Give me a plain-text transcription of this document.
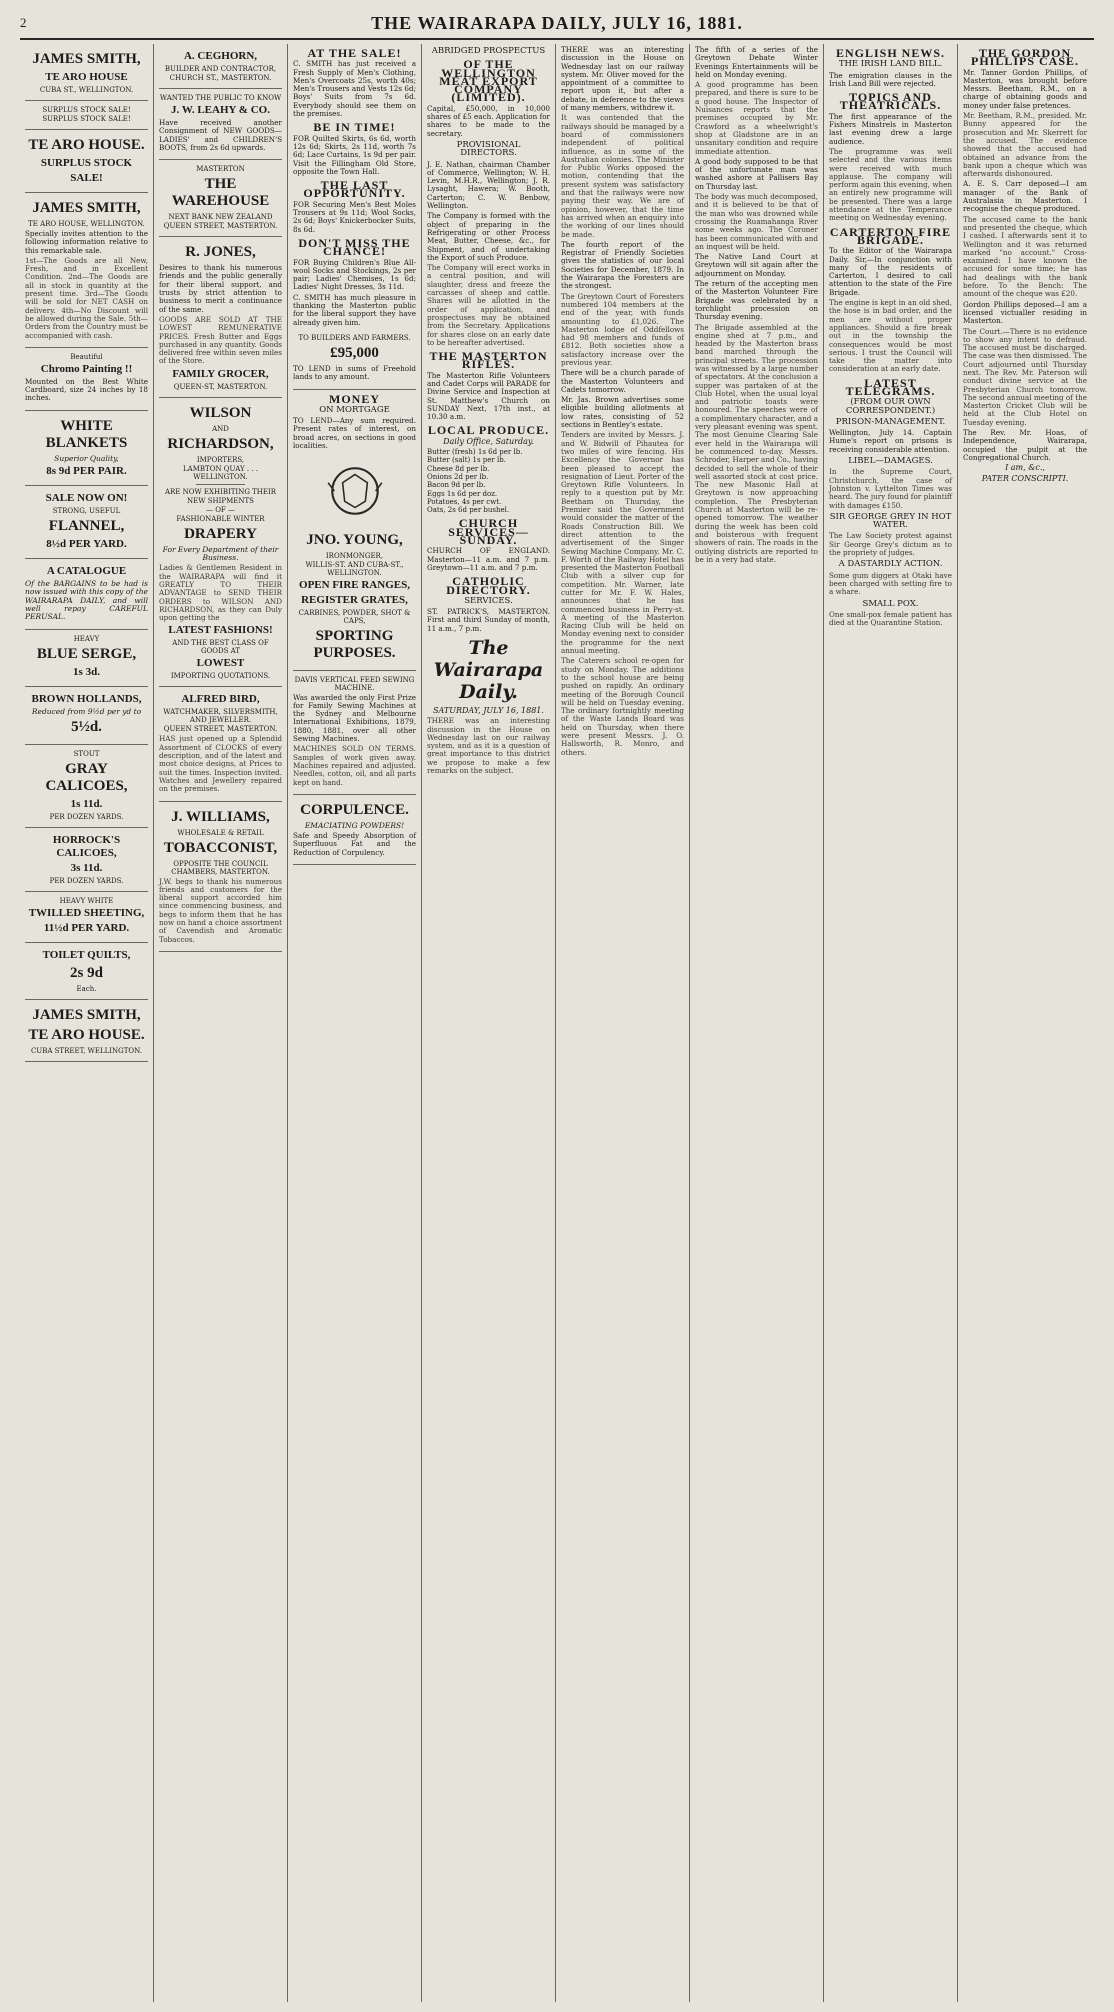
2	THE WAIRARAPA DAILY, JULY 16, 1881.
JAMES SMITH,
TE ARO HOUSE
CUBA ST., WELLINGTON.
SURPLUS STOCK SALE!
SURPLUS STOCK SALE!
TE ARO HOUSE.
SURPLUS STOCK
SALE!
JAMES SMITH,
TE ARO HOUSE, WELLINGTON.
Specially invites attention to the following information relative to this remarkable sale.
1st—The Goods are all New, Fresh, and in Excellent Condition. 2nd—The Goods are all in stock in quantity at the present time. 3rd—The Goods will be sold for NET CASH on delivery. 4th—No Discount will be allowed during the Sale. 5th—Orders from the Country must be accompanied with cash.
Beautiful
Chromo Painting !!
Mounted on the Best White Cardboard, size 24 inches by 18 inches.
WHITE BLANKETS
Superior Quality,
8s 9d PER PAIR.
SALE NOW ON!
STRONG, USEFUL
FLANNEL,
8½d PER YARD.
A CATALOGUE
Of the BARGAINS to be had is now issued with this copy of the WAIRARAPA DAILY, and will well repay CAREFUL PERUSAL.
HEAVY
BLUE SERGE,
1s 3d.
BROWN HOLLANDS,
Reduced from 9½d per yd to
5½d.
STOUT
GRAY CALICOES,
1s 11d.
PER DOZEN YARDS.
HORROCK'S CALICOES,
3s 11d.
PER DOZEN YARDS.
HEAVY WHITE
TWILLED SHEETING,
11½d PER YARD.
TOILET QUILTS,
2s 9d
Each.
JAMES SMITH,
TE ARO HOUSE.
CUBA STREET, WELLINGTON.
A. CEGHORN,
BUILDER AND CONTRACTOR,
CHURCH ST., MASTERTON.
WANTED THE PUBLIC TO KNOW
J. W. LEAHY & CO.
Have received another Consignment of NEW GOODS—LADIES' and CHILDREN'S BOOTS, from 2s 6d upwards.
MASTERTON
THE WAREHOUSE
NEXT BANK NEW ZEALAND
QUEEN STREET, MASTERTON.
R. JONES,
Desires to thank his numerous friends and the public generally for their liberal support, and trusts by strict attention to business to merit a continuance of the same.
GOODS ARE SOLD AT THE LOWEST REMUNERATIVE PRICES. Fresh Butter and Eggs purchased in any quantity. Goods delivered free within seven miles of the Store.
FAMILY GROCER,
QUEEN-ST, MASTERTON.
WILSON
AND
RICHARDSON,
IMPORTERS,
LAMBTON QUAY . . . WELLINGTON.
ARE NOW EXHIBITING THEIR
NEW SHIPMENTS
— OF —
FASHIONABLE WINTER
DRAPERY
For Every Department of their Business.
Ladies & Gentlemen Resident in the WAIRARAPA will find it GREATLY TO THEIR ADVANTAGE to SEND THEIR ORDERS to WILSON AND RICHARDSON, as they can Duly upon getting the
LATEST FASHIONS!
AND THE BEST CLASS OF GOODS AT
LOWEST
IMPORTING QUOTATIONS.
ALFRED BIRD,
WATCHMAKER, SILVERSMITH, AND JEWELLER.
QUEEN STREET, MASTERTON.
HAS just opened up a Splendid Assortment of CLOCKS of every description, and of the latest and most choice designs, at Prices to suit the times. Inspection invited. Watches and Jewellery repaired on the premises.
J. WILLIAMS,
WHOLESALE & RETAIL
TOBACCONIST,
OPPOSITE THE COUNCIL CHAMBERS, MASTERTON.
J.W. begs to thank his numerous friends and customers for the liberal support accorded him since commencing business, and begs to inform them that he has now on hand a choice assortment of Cavendish and Aromatic Tobaccos.
AT THE SALE!
C. SMITH has just received a Fresh Supply of Men's Clothing, Men's Overcoats 25s, worth 40s; Men's Trousers and Vests 12s 6d; Boys' Suits from 7s 6d. Everybody should see them on the premises.
BE IN TIME!
FOR Quilted Skirts, 6s 6d, worth 12s 6d; Skirts, 2s 11d, worth 7s 6d; Lace Curtains, 1s 9d per pair. Visit the Fillingham Old Store, opposite the Town Hall.
THE LAST OPPORTUNITY.
FOR Securing Men's Best Moles Trousers at 9s 11d; Wool Socks, 2s 6d; Boys' Knickerbocker Suits, 8s 6d.
DON'T MISS THE CHANCE!
FOR Buying Children's Blue All-wool Socks and Stockings, 2s per pair; Ladies' Chemises, 1s 6d; Ladies' Night Dresses, 3s 11d.
C. SMITH has much pleasure in thanking the Masterton public for the liberal support they have already given him.
TO BUILDERS AND FARMERS.
£95,000
TO LEND in sums of Freehold lands to any amount.
MONEY
ON MORTGAGE
TO LEND—Any sum required. Present rates of interest, on broad acres, on sections in good localities.
JNO. YOUNG,
IRONMONGER,
WILLIS-ST. AND CUBA-ST., WELLINGTON.
OPEN FIRE RANGES,
REGISTER GRATES,
CARBINES, POWDER, SHOT & CAPS,
SPORTING PURPOSES.
DAVIS VERTICAL FEED SEWING MACHINE.
Was awarded the only First Prize for Family Sewing Machines at the Sydney and Melbourne International Exhibitions, 1879, 1880, 1881, over all other Sewing Machines.
MACHINES SOLD ON TERMS. Samples of work given away. Machines repaired and adjusted. Needles, cotton, oil, and all parts kept on hand.
CORPULENCE.
EMACIATING POWDERS!
Safe and Speedy Absorption of Superfluous Fat and the Reduction of Corpulency.
ABRIDGED PROSPECTUS
OF THE WELLINGTON MEAT EXPORT COMPANY (LIMITED).
Capital, £50,000, in 10,000 shares of £5 each. Application for shares to be made to the secretary.
PROVISIONAL DIRECTORS.
J. E. Nathan, chairman Chamber of Commerce, Wellington; W. H. Levin, M.H.R., Wellington; J. R. Lysaght, Hawera; W. Booth, Carterton; C. W. Benbow, Wellington.
The Company is formed with the object of preparing in the Refrigerating or other Process Meat, Butter, Cheese, &c., for Shipment, and of undertaking the Export of such Produce.
The Company will erect works in a central position, and will slaughter, dress and freeze the carcasses of sheep and cattle. Shares will be allotted in the order of application, and prospectuses may be obtained from the Secretary. Applications for shares close on an early date to be hereafter advertised.
THE MASTERTON RIFLES.
The Masterton Rifle Volunteers and Cadet Corps will PARADE for Divine Service and Inspection at St. Matthew's Church on SUNDAY Next, 17th inst., at 10.30 a.m.
LOCAL PRODUCE.
Daily Office, Saturday.
Butter (fresh) 1s 6d per lb.
Butter (salt) 1s per lb.
Cheese 8d per lb.
Onions 2d per lb.
Bacon 9d per lb.
Eggs 1s 6d per doz.
Potatoes, 4s per cwt.
Oats, 2s 6d per bushel.
CHURCH SERVICES—SUNDAY.
CHURCH OF ENGLAND. Masterton—11 a.m. and 7 p.m. Greytown—11 a.m. and 7 p.m.
CATHOLIC DIRECTORY.
SERVICES.
ST. PATRICK'S, MASTERTON. First and third Sunday of month, 11 a.m., 7 p.m.
The Wairarapa Daily.
SATURDAY, JULY 16, 1881.
THERE was an interesting discussion in the House on Wednesday last on our railway system, and as it is a question of great importance to this district we propose to make a few remarks on the subject.
THERE was an interesting discussion in the House on Wednesday last on our railway system. Mr. Oliver moved for the appointment of a committee to report upon it, but after a debate, in deference to the views of many members, withdrew it.
It was contended that the railways should be managed by a board of commissioners independent of political influence, as in some of the Australian colonies. The Minister for Public Works opposed the motion, contending that the present system was satisfactory and that the railways were now paying their way. We are of opinion, however, that the time has arrived when an enquiry into the working of our lines should be made.
The fourth report of the Registrar of Friendly Societies gives the statistics of our local Societies for December, 1879. In the Wairarapa the Foresters are the strongest.
The Greytown Court of Foresters numbered 104 members at the end of the year, with funds amounting to £1,026. The Masterton lodge of Oddfellows had 98 members and funds of £812. Both societies show a satisfactory increase over the previous year.
There will be a church parade of the Masterton Volunteers and Cadets tomorrow.
Mr. Jas. Brown advertises some eligible building allotments at low rates, consisting of 52 sections in Bentley's estate.
Tenders are invited by Messrs. J. and W. Bidwill of Pihautea for two miles of wire fencing. His Excellency the Governor has been pleased to accept the resignation of Lieut. Porter of the Greytown Rifle Volunteers. In reply to a question put by Mr. Beetham on Thursday, the Premier said the Government would consider the matter of the Roads Construction Bill. We direct attention to the advertisement of the Singer Sewing Machine Company. Mr. C. F. Worth of the Railway Hotel has presented the Masterton Football Club with a silver cup for competition. Mr. Warner, late cutter for Mr. F. W. Hales, announces that he has commenced business in Perry-st. A meeting of the Masterton Racing Club will be held on Monday evening next to consider the programme for the next annual meeting.
The Caterers school re-open for study on Monday. The additions to the school house are being pushed on rapidly. An ordinary meeting of the Borough Council will be held on Tuesday evening. The ordinary fortnightly meeting of the Waste Lands Board was held on Thursday, when there were present Messrs. J. O. Hallsworth, R. Monro, and others.
The fifth of a series of the Greytown Debate Winter Evenings Entertainments will be held on Monday evening.
A good programme has been prepared, and there is sure to be a good house. The Inspector of Nuisances reports that the premises occupied by Mr. Crawford as a wheelwright's shop at Gladstone are in an unsanitary condition and require immediate attention.
A good body supposed to be that of the unfortunate man was washed ashore at Pallisers Bay on Thursday last.
The body was much decomposed, and it is believed to be that of the man who was drowned while crossing the Ruamahanga River some weeks ago. The Coroner has been communicated with and an inquest will be held.
The Native Land Court at Greytown will sit again after the adjournment on Monday.
The return of the accepting men of the Masterton Volunteer Fire Brigade was celebrated by a torchlight procession on Thursday evening.
The Brigade assembled at the engine shed at 7 p.m., and headed by the Masterton brass band marched through the principal streets. The procession was witnessed by a large number of spectators. At the conclusion a supper was partaken of at the Club Hotel, when the usual loyal and patriotic toasts were honoured. The speeches were of a complimentary character, and a very pleasant evening was spent. The most Genuine Clearing Sale ever held in the Wairarapa will be commenced to-day. Messrs. Schroder, Harper and Co., having decided to sell the whole of their well assorted stock at cost price. The new Masonic Hall at Greytown is now approaching completion. The Presbyterian Church at Masterton will be re-opened tomorrow. The weather during the week has been cold and boisterous with frequent showers of rain. The roads in the outlying districts are reported to be in a very bad state.
ENGLISH NEWS.
THE IRISH LAND BILL.
The emigration clauses in the Irish Land Bill were rejected.
TOPICS AND THEATRICALS.
The first appearance of the Fishers Minstrels in Masterton last evening drew a large audience.
The programme was well selected and the various items were received with much applause. The company will perform again this evening, when an entirely new programme will be presented. There was a large attendance at the Temperance meeting on Wednesday evening.
CARTERTON FIRE BRIGADE.
To the Editor of the Wairarapa Daily. Sir,—In conjunction with many of the residents of Carterton, I desired to call attention to the state of the Fire Brigade.
The engine is kept in an old shed, the hose is in bad order, and the men are without proper appliances. Should a fire break out in the township the consequences would be most serious. I trust the Council will take the matter into consideration at an early date.
LATEST TELEGRAMS.
(FROM OUR OWN CORRESPONDENT.)
PRISON-MANAGEMENT.
Wellington, July 14. Captain Hume's report on prisons is receiving considerable attention.
LIBEL—DAMAGES.
In the Supreme Court, Christchurch, the case of Johnston v. Lyttelton Times was heard. The jury found for plaintiff with damages £150.
SIR GEORGE GREY IN HOT WATER.
The Law Society protest against Sir George Grey's dictum as to the propriety of judges.
A DASTARDLY ACTION.
Some gum diggers at Otaki have been charged with setting fire to a whare.
SMALL POX.
One small-pox female patient has died at the Quarantine Station.
THE GORDON PHILLIPS CASE.
Mr. Tanner Gordon Phillips, of Masterton, was brought before Messrs. Beetham, R.M., on a charge of obtaining goods and money under false pretences.
Mr. Beetham, R.M., presided. Mr. Bunny appeared for the prosecution and Mr. Skerrett for the accused. The evidence showed that the accused had obtained an advance from the bank upon a cheque which was afterwards dishonoured.
A. E. S. Carr deposed—I am manager of the Bank of Australasia in Masterton. I recognise the cheque produced.
The accused came to the bank and presented the cheque, which I cashed. I afterwards sent it to Wellington and it was returned marked "no account." Cross-examined: I have known the accused for some time; he has had dealings with the bank before. To the Bench: The amount of the cheque was £20.
Gordon Phillips deposed—I am a licensed victualler residing in Masterton.
The Court.—There is no evidence to show any intent to defraud. The accused must be discharged. The case was then dismissed. The Court adjourned until Thursday next. The Rev. Mr. Paterson will conduct divine service at the Presbyterian Church tomorrow. The second annual meeting of the Masterton Cricket Club will be held at the Club Hotel on Tuesday evening.
The Rev. Mr. Hoas, of Independence, Wairarapa, occupied the pulpit at the Congregational Church.
I am, &c.,
PATER CONSCRIPTI.
